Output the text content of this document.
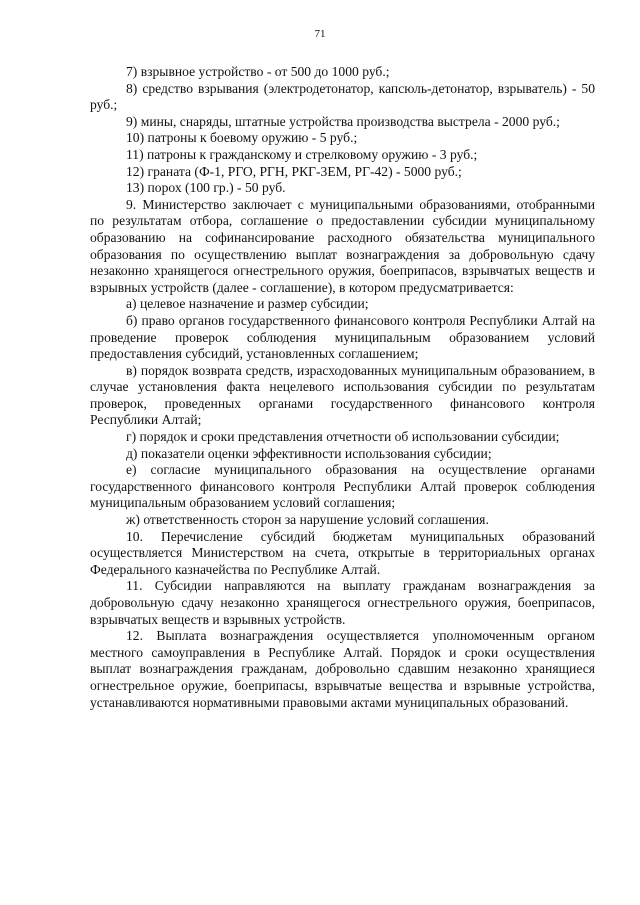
71

7) взрывное устройство - от 500 до 1000 руб.;

8) средство взрывания (электродетонатор, капсюль-детонатор, взрыватель) - 50 руб.;

9) мины, снаряды, штатные устройства производства выстрела - 2000 руб.;

10) патроны к боевому оружию - 5 руб.;

11) патроны к гражданскому и стрелковому оружию - 3 руб.;

12) граната (Ф-1, РГО, РГН, РКГ-3ЕМ, РГ-42) - 5000 руб.;

13) порох (100 гр.) - 50 руб.

9. Министерство заключает с муниципальными образованиями, отобранными по результатам отбора, соглашение о предоставлении субсидии муниципальному образованию на софинансирование расходного обязательства муниципального образования по осуществлению выплат вознаграждения за добровольную сдачу незаконно хранящегося огнестрельного оружия, боеприпасов, взрывчатых веществ и взрывных устройств (далее - соглашение), в котором предусматривается:

а) целевое назначение и размер субсидии;

б) право органов государственного финансового контроля Республики Алтай на проведение проверок соблюдения муниципальным образованием условий предоставления субсидий, установленных соглашением;

в) порядок возврата средств, израсходованных муниципальным образованием, в случае установления факта нецелевого использования субсидии по результатам проверок, проведенных органами государственного финансового контроля Республики Алтай;

г) порядок и сроки представления отчетности об использовании субсидии;

д) показатели оценки эффективности использования субсидии;

е) согласие муниципального образования на осуществление органами государственного финансового контроля Республики Алтай проверок соблюдения муниципальным образованием условий соглашения;

ж) ответственность сторон за нарушение условий соглашения.

10. Перечисление субсидий бюджетам муниципальных образований осуществляется Министерством на счета, открытые в территориальных органах Федерального казначейства по Республике Алтай.

11. Субсидии направляются на выплату гражданам вознаграждения за добровольную сдачу незаконно хранящегося огнестрельного оружия, боеприпасов, взрывчатых веществ и взрывных устройств.

12. Выплата вознаграждения осуществляется уполномоченным органом местного самоуправления в Республике Алтай. Порядок и сроки осуществления выплат вознаграждения гражданам, добровольно сдавшим незаконно хранящиеся огнестрельное оружие, боеприпасы, взрывчатые вещества и взрывные устройства, устанавливаются нормативными правовыми актами муниципальных образований.
